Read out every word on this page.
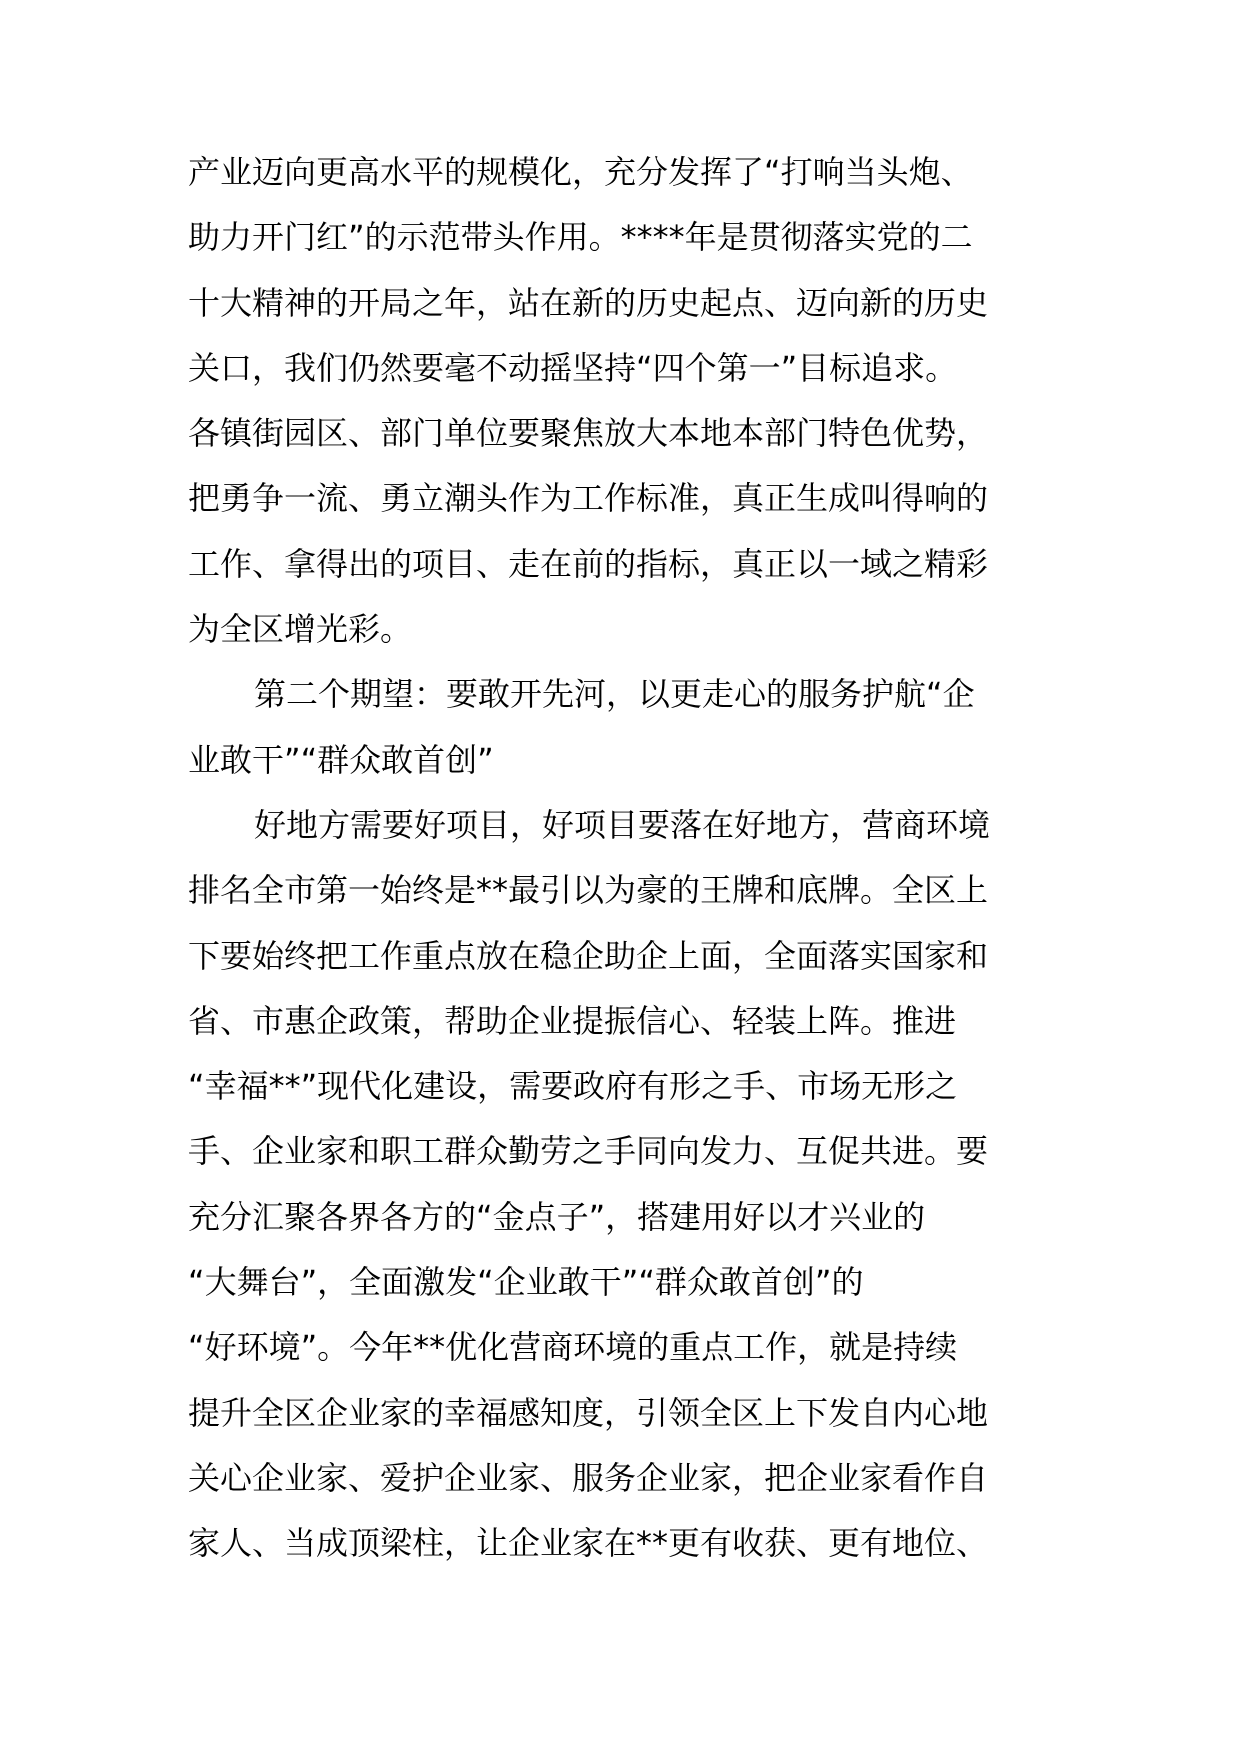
产业迈向更高水平的规模化，充分发挥了“打响当头炮、
助力开门红”的示范带头作用。****年是贯彻落实党的二
十大精神的开局之年，站在新的历史起点、迈向新的历史
关口，我们仍然要毫不动摇坚持“四个第一”目标追求。
各镇街园区、部门单位要聚焦放大本地本部门特色优势，
把勇争一流、勇立潮头作为工作标准，真正生成叫得响的
工作、拿得出的项目、走在前的指标，真正以一域之精彩
为全区增光彩。
第二个期望：要敢开先河，以更走心的服务护航“企
业敢干”“群众敢首创”
好地方需要好项目，好项目要落在好地方，营商环境
排名全市第一始终是**最引以为豪的王牌和底牌。全区上
下要始终把工作重点放在稳企助企上面，全面落实国家和
省、市惠企政策，帮助企业提振信心、轻装上阵。推进
“幸福**”现代化建设，需要政府有形之手、市场无形之
手、企业家和职工群众勤劳之手同向发力、互促共进。要
充分汇聚各界各方的“金点子”，搭建用好以才兴业的
“大舞台”，全面激发“企业敢干”“群众敢首创”的
“好环境”。今年**优化营商环境的重点工作，就是持续
提升全区企业家的幸福感知度，引领全区上下发自内心地
关心企业家、爱护企业家、服务企业家，把企业家看作自
家人、当成顶梁柱，让企业家在**更有收获、更有地位、
